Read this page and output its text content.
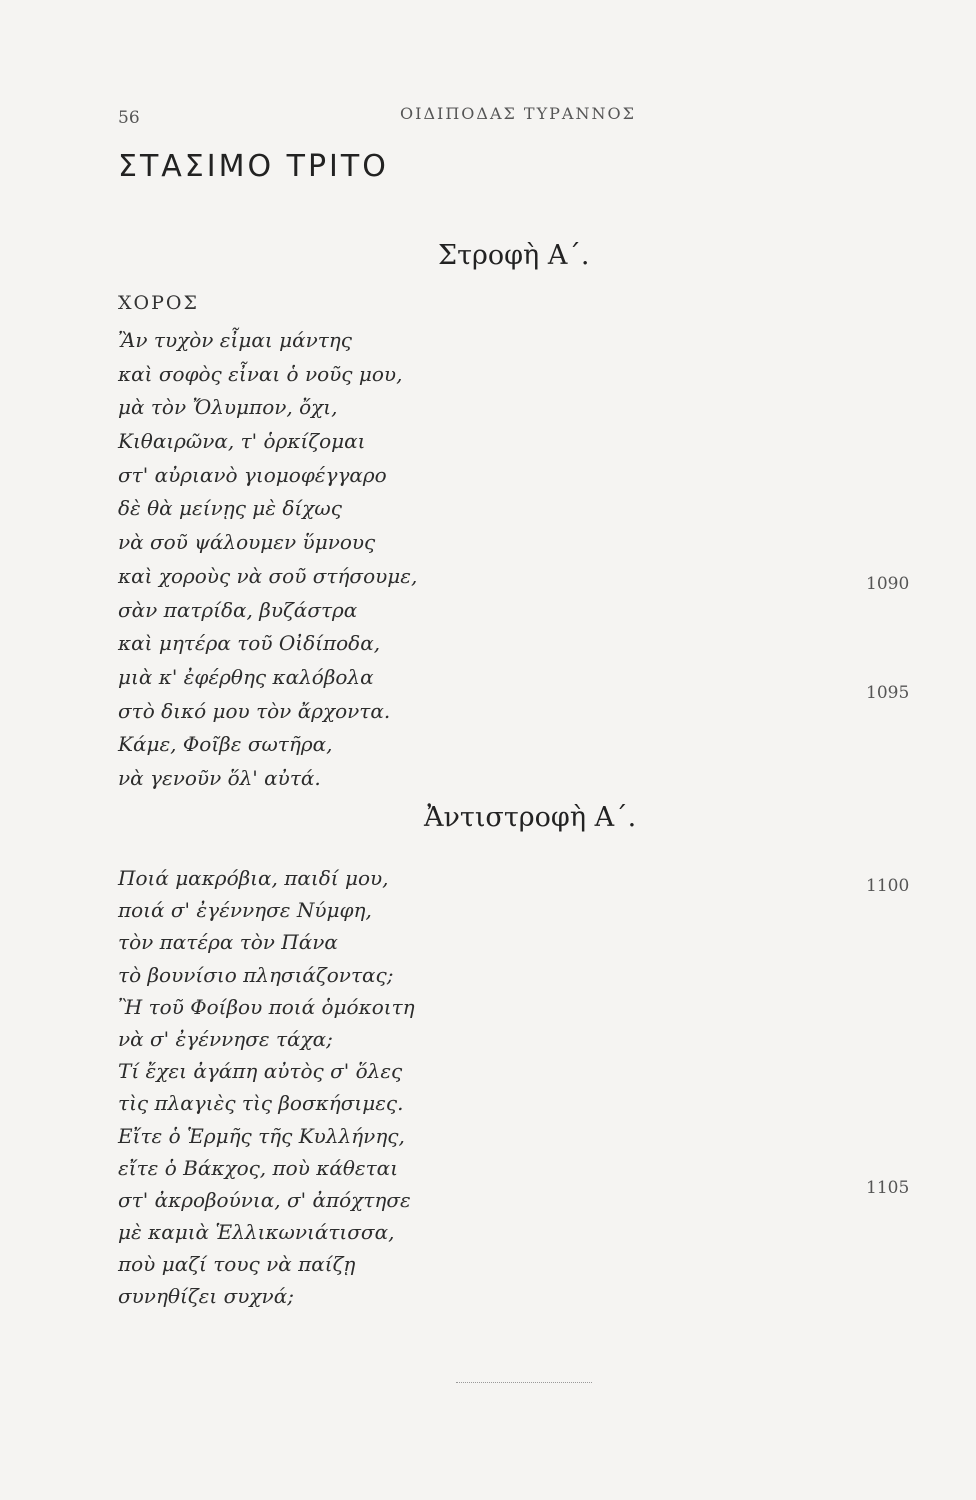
56	ΟΙΔΙΠΟΔΑΣ ΤΥΡΑΝΝΟΣ
ΣΤΑΣΙΜΟ ΤΡΙΤΟ
Στροφὴ Α΄.
ΧΟΡΟΣ
Ἂν τυχὸν εἶμαι μάντης
καὶ σοφὸς εἶναι ὁ νοῦς μου,
μὰ τὸν Ὄλυμπον, ὄχι,
Κιθαιρῶνα, τ' ὁρκίζομαι
στ' αὐριανὸ γιομοφέγγαρο
δὲ θὰ μείνῃς μὲ δίχως
νὰ σοῦ ψάλουμεν ὕμνους
καὶ χοροὺς νὰ σοῦ στήσουμε,
σὰν πατρίδα, βυζάστρα
καὶ μητέρα τοῦ Οἰδίποδα,
μιὰ κ' ἐφέρθης καλόβολα
στὸ δικό μου τὸν ἄρχοντα.
Κάμε, Φοῖβε σωτῆρα,
νὰ γενοῦν ὅλ' αὐτά.
Ἀντιστροφὴ Α΄.
Ποιά μακρόβια, παιδί μου,
ποιά σ' ἐγέννησε Νύμφη,
τὸν πατέρα τὸν Πάνα
τὸ βουνίσιο πλησιάζοντας;
Ἢ τοῦ Φοίβου ποιά ὁμόκοιτη
νὰ σ' ἐγέννησε τάχα;
Τί ἔχει ἀγάπη αὐτὸς σ' ὅλες
τὶς πλαγιὲς τὶς βοσκήσιμες.
Εἴτε ὁ Ἑρμῆς τῆς Κυλλήνης,
εἴτε ὁ Βάκχος, ποὺ κάθεται
στ' ἀκροβούνια, σ' ἀπόχτησε
μὲ καμιὰ Ἑλλικωνιάτισσα,
ποὺ μαζί τους νὰ παίζῃ
συνηθίζει συχνά;
1090
1095
1100
1105
